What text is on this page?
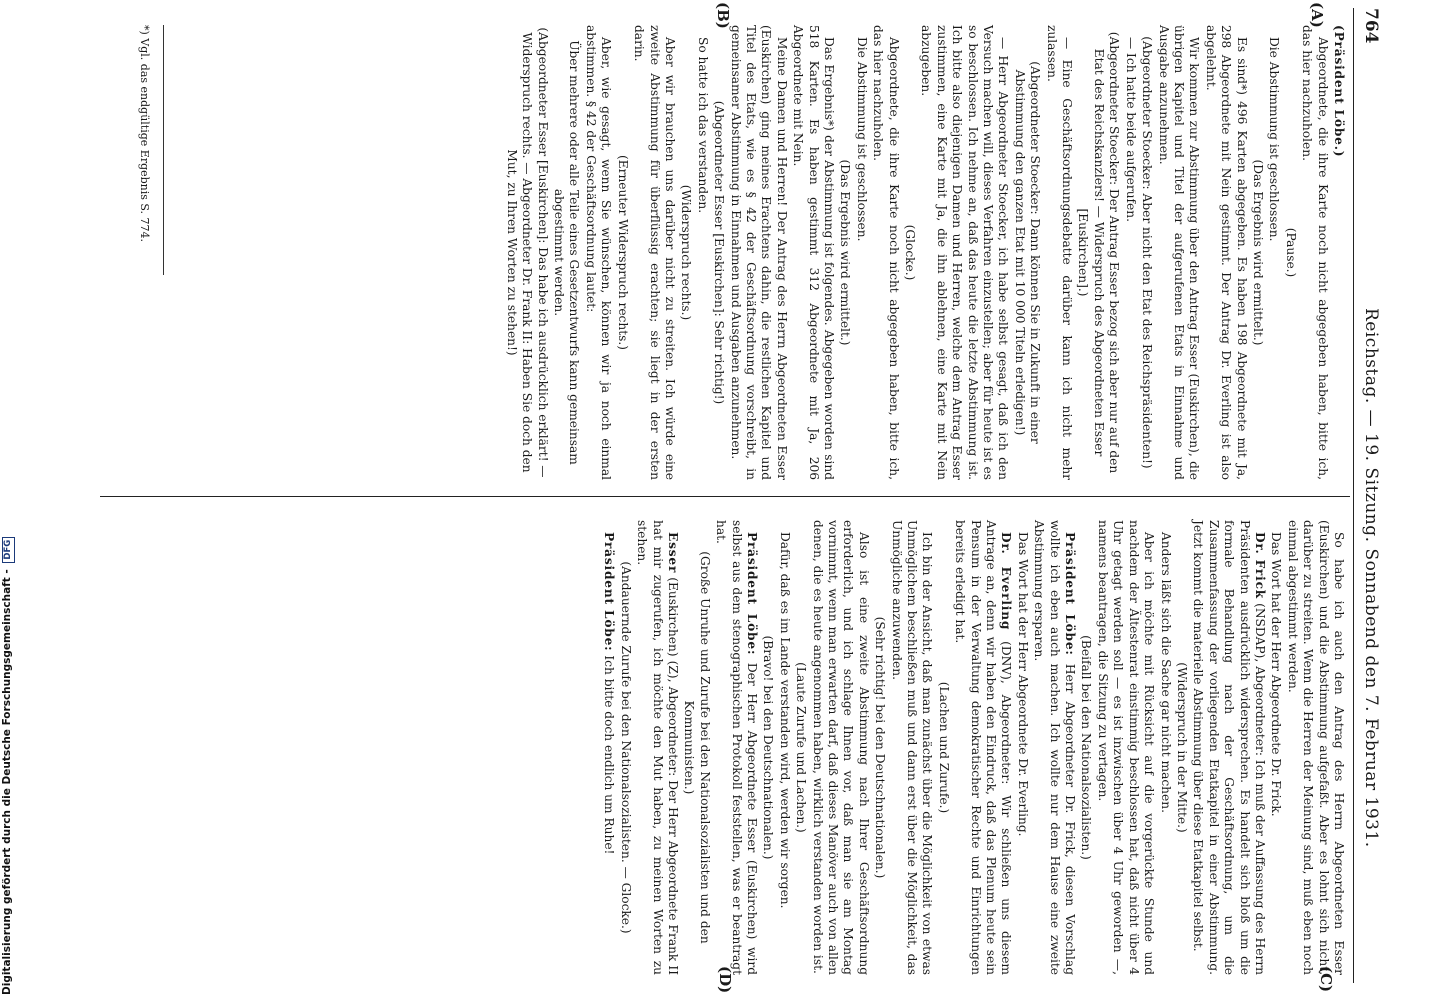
764
Reichstag. — 19. Sitzung. Sonnabend den 7. Februar 1931.
(A)
(B)
(C)
(D)

(Präsident Löbe.)

Abgeordnete, die ihre Karte noch nicht abgegeben haben, bitte ich, das hier nachzuholen.

(Pause.)

Die Abstimmung ist geschlossen.

(Das Ergebnis wird ermittelt.)

Es sind*) 496 Karten abgegeben. Es haben 198 Abgeordnete mit Ja, 298 Abgeordnete mit Nein gestimmt. Der Antrag Dr. Everling ist also abgelehnt.

Wir kommen zur Abstimmung über den Antrag Esser (Euskirchen), die übrigen Kapitel und Titel der aufgerufenen Etats in Einnahme und Ausgabe anzunehmen.

(Abgeordneter Stoecker: Aber nicht den Etat des Reichspräsidenten!)

— Ich hatte beide aufgerufen.

(Abgeordneter Stoecker: Der Antrag Esser bezog sich aber nur auf den Etat des Reichskanzlers! — Widerspruch des Abgeordneten Esser [Euskirchen].)

— Eine Geschäftsordnungsdebatte darüber kann ich nicht mehr zulassen.

(Abgeordneter Stoecker: Dann können Sie in Zukunft in einer Abstimmung den ganzen Etat mit 10 000 Titeln erledigen!)

— Herr Abgeordneter Stoecker, ich habe selbst gesagt, daß ich den Versuch machen will, dieses Verfahren einzustellen; aber für heute ist es so beschlossen. Ich nehme an, daß das heute die letzte Abstimmung ist. Ich bitte also diejenigen Damen und Herren, welche dem Antrag Esser zustimmen, eine Karte mit Ja, die ihn ablehnen, eine Karte mit Nein abzugeben.

(Glocke.)

Abgeordnete, die ihre Karte noch nicht abgegeben haben, bitte ich, das hier nachzuholen.

Die Abstimmung ist geschlossen.

(Das Ergebnis wird ermittelt.)

Das Ergebnis*) der Abstimmung ist folgendes. Abgegeben worden sind 518 Karten. Es haben gestimmt 312 Abgeordnete mit Ja, 206 Abgeordnete mit Nein.

Meine Damen und Herren! Der Antrag des Herrn Abgeordneten Esser (Euskirchen) ging meines Erachtens dahin, die restlichen Kapitel und Titel des Etats, wie es § 42 der Geschäftsordnung vorschreibt, in gemeinsamer Abstimmung in Einnahmen und Ausgaben anzunehmen.

(Abgeordneter Esser [Euskirchen]: Sehr richtig!)

So hatte ich das verstanden.

(Widerspruch rechts.)

Aber wir brauchen uns darüber nicht zu streiten. Ich würde eine zweite Abstimmung für überflüssig erachten; sie liegt in der ersten darin.

(Erneuter Widerspruch rechts.)

Aber, wie gesagt, wenn Sie wünschen, können wir ja noch einmal abstimmen. § 42 der Geschäftsordnung lautet:

Über mehrere oder alle Teile eines Gesetzentwurfs kann gemeinsam abgestimmt werden.

(Abgeordneter Esser [Euskirchen]: Das habe ich ausdrücklich erklärt! — Widerspruch rechts. — Abgeordneter Dr. Frank II: Haben Sie doch den Mut, zu Ihren Worten zu stehen!)

So habe ich auch den Antrag des Herrn Abgeordneten Esser (Euskirchen) und die Abstimmung aufgefaßt. Aber es lohnt sich nicht, darüber zu streiten. Wenn die Herren der Meinung sind, muß eben noch einmal abgestimmt werden.

Das Wort hat der Herr Abgeordnete Dr. Frick.

Dr. Frick (NSDAP), Abgeordneter: Ich muß der Auffassung des Herrn Präsidenten ausdrücklich widersprechen. Es handelt sich bloß um die formale Behandlung nach der Geschäftsordnung, um die Zusammenfassung der vorliegenden Etatkapitel in einer Abstimmung. Jetzt kommt die materielle Abstimmung über diese Etatkapitel selbst.

(Widerspruch in der Mitte.)

Anders läßt sich die Sache gar nicht machen.

Aber ich möchte mit Rücksicht auf die vorgerückte Stunde und nachdem der Ältestenrat einstimmig beschlossen hat, daß nicht über 4 Uhr getagt werden soll — es ist inzwischen über 4 Uhr geworden —, namens beantragen, die Sitzung zu vertagen.

(Beifall bei den Nationalsozialisten.)

Präsident Löbe: Herr Abgeordneter Dr. Frick, diesen Vorschlag wollte ich eben auch machen. Ich wollte nur dem Hause eine zweite Abstimmung ersparen.

Das Wort hat der Herr Abgeordnete Dr. Everling.

Dr. Everling (DNV), Abgeordneter: Wir schließen uns diesem Antrage an, denn wir haben den Eindruck, daß das Plenum heute sein Pensum in der Verwaltung demokratischer Rechte und Einrichtungen bereits erledigt hat.

(Lachen und Zurufe.)

Ich bin der Ansicht, daß man zunächst über die Möglichkeit von etwas Unmöglichem beschließen muß und dann erst über die Möglichkeit, das Unmögliche anzuwenden.

(Sehr richtig! bei den Deutschnationalen.)

Also ist eine zweite Abstimmung nach Ihrer Geschäftsordnung erforderlich, und ich schlage Ihnen vor, daß man sie am Montag vornimmt, wenn man erwarten darf, daß dieses Manöver auch von allen denen, die es heute angenommen haben, wirklich verstanden worden ist.

(Laute Zurufe und Lachen.)

Dafür, daß es im Lande verstanden wird, werden wir sorgen.

(Bravo! bei den Deutschnationalen.)

Präsident Löbe: Der Herr Abgeordnete Esser (Euskirchen) wird selbst aus dem stenographischen Protokoll feststellen, was er beantragt hat.

(Große Unruhe und Zurufe bei den Nationalsozialisten und den Kommunisten.)

Esser (Euskirchen) (Z), Abgeordneter: Der Herr Abgeordnete Frank II hat mir zugerufen, ich möchte den Mut haben, zu meinen Worten zu stehen.

(Andauernde Zurufe bei den Nationalsozialisten. — Glocke.)

Präsident Löbe: Ich bitte doch endlich um Ruhe!

*) Vgl. das endgültige Ergebnis S. 774.
Digitalisierung gefördert durch die Deutsche Forschungsgemeinschaft - DFG
